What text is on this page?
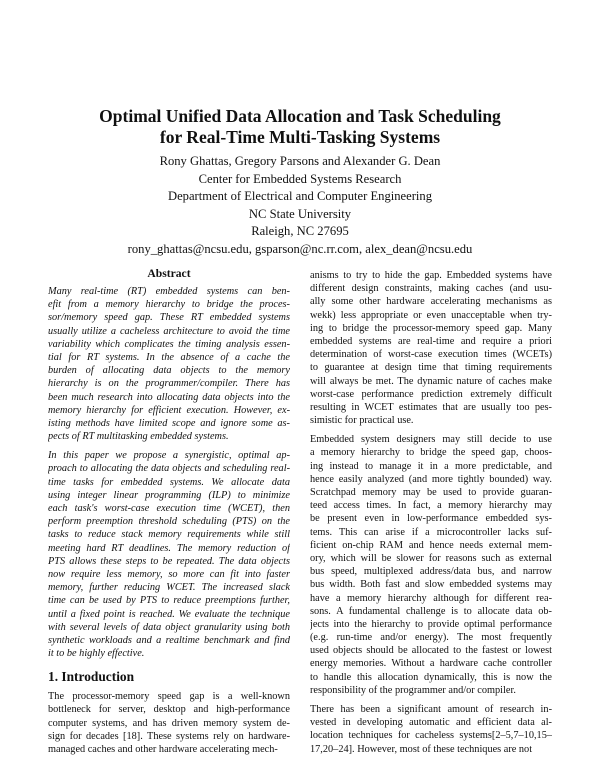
Optimal Unified Data Allocation and Task Scheduling
for Real-Time Multi-Tasking Systems
Rony Ghattas, Gregory Parsons and Alexander G. Dean
Center for Embedded Systems Research
Department of Electrical and Computer Engineering
NC State University
Raleigh, NC 27695
rony_ghattas@ncsu.edu, gsparson@nc.rr.com, alex_dean@ncsu.edu
Abstract
Many real-time (RT) embedded systems can ben-
efit from a memory hierarchy to bridge the proces-
sor/memory speed gap. These RT embedded systems
usually utilize a cacheless architecture to avoid the time
variability which complicates the timing analysis essen-
tial for RT systems. In the absence of a cache the
burden of allocating data objects to the memory
hierarchy is on the programmer/compiler. There has
been much research into allocating data objects into the
memory hierarchy for efficient execution. However, ex-
isting methods have limited scope and ignore some as-
pects of RT multitasking embedded systems.
In this paper we propose a synergistic, optimal ap-
proach to allocating the data objects and scheduling real-
time tasks for embedded systems. We allocate data
using integer linear programming (ILP) to minimize
each task's worst-case execution time (WCET), then
perform preemption threshold scheduling (PTS) on the
tasks to reduce stack memory requirements while still
meeting hard RT deadlines. The memory reduction of
PTS allows these steps to be repeated. The data objects
now require less memory, so more can fit into faster
memory, further reducing WCET. The increased slack
time can be used by PTS to reduce preemptions further,
until a fixed point is reached. We evaluate the technique
with several levels of data object granularity using both
synthetic workloads and a realtime benchmark and find
it to be highly effective.
1. Introduction
The processor-memory speed gap is a well-known
bottleneck for server, desktop and high-performance
computer systems, and has driven memory system de-
sign for decades [18]. These systems rely on hardware-
managed caches and other hardware accelerating mech-
anisms to try to hide the gap. Embedded systems have
different design constraints, making caches (and usu-
ally some other hardware accelerating mechanisms as
wekk) less appropriate or even unacceptable when try-
ing to bridge the processor-memory speed gap. Many
embedded systems are real-time and require a priori
determination of worst-case execution times (WCETs)
to guarantee at design time that timing requirements
will always be met. The dynamic nature of caches make
worst-case performance prediction extremely difficult
resulting in WCET estimates that are usually too pes-
simistic for practical use.
Embedded system designers may still decide to use
a memory hierarchy to bridge the speed gap, choos-
ing instead to manage it in a more predictable, and
hence easily analyzed (and more tightly bounded) way.
Scratchpad memory may be used to provide guaran-
teed access times. In fact, a memory hierarchy may
be present even in low-performance embedded sys-
tems. This can arise if a microcontroller lacks suf-
ficient on-chip RAM and hence needs external mem-
ory, which will be slower for reasons such as external
bus speed, multiplexed address/data bus, and narrow
bus width. Both fast and slow embedded systems may
have a memory hierarchy although for different rea-
sons. A fundamental challenge is to allocate data ob-
jects into the hierarchy to provide optimal performance
(e.g. run-time and/or energy). The most frequently
used objects should be allocated to the fastest or lowest
energy memories. Without a hardware cache controller
to handle this allocation dynamically, this is now the
responsibility of the programmer and/or compiler.
There has been a significant amount of research in-
vested in developing automatic and efficient data al-
location techniques for cacheless systems[2–5,7–10,15–
17,20–24]. However, most of these techniques are not
